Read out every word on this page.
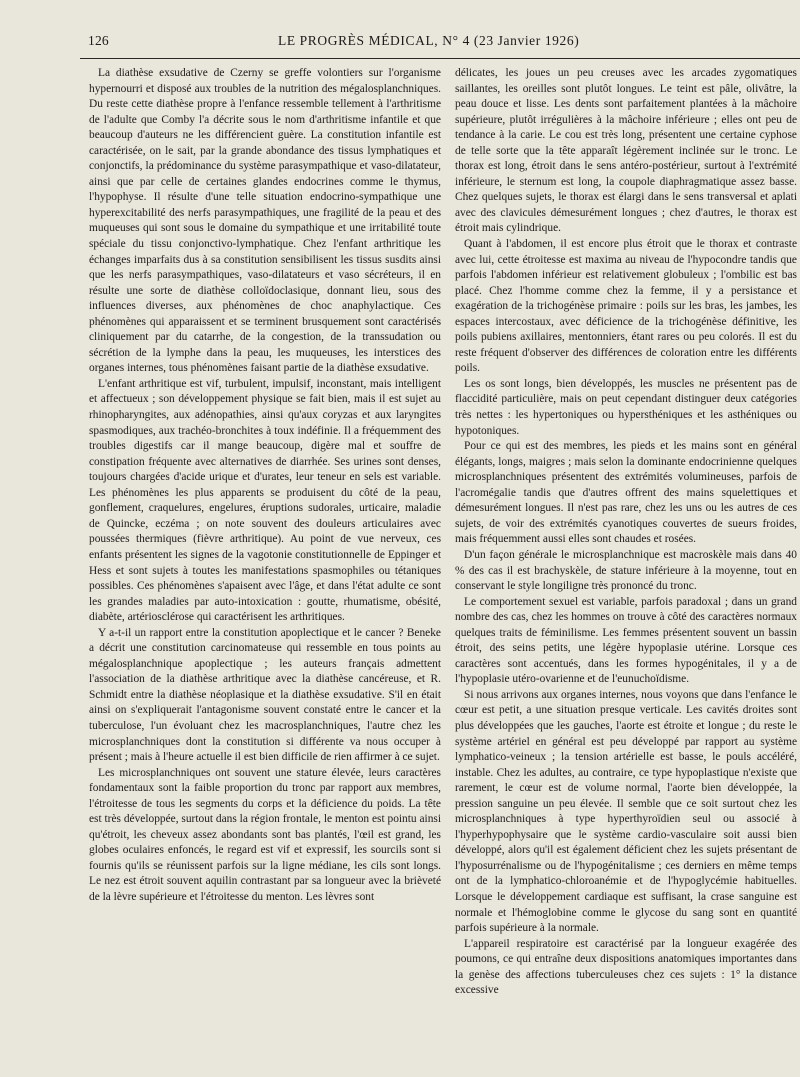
126	LE PROGRÈS MÉDICAL, N° 4 (23 Janvier 1926)

La diathèse exsudative de Czerny se greffe volontiers sur l'organisme hypernourri et disposé aux troubles de la nutrition des mégalosplanchniques. Du reste cette diathèse propre à l'enfance ressemble tellement à l'arthritisme de l'adulte que Comby l'a décrite sous le nom d'arthritisme infantile et que beaucoup d'auteurs ne les différencient guère. La constitution infantile est caractérisée, on le sait, par la grande abondance des tissus lymphatiques et conjonctifs, la prédominance du système parasympathique et vaso-dilatateur, ainsi que par celle de certaines glandes endocrines comme le thymus, l'hypophyse. Il résulte d'une telle situation endocrino-sympathique une hyperexcitabilité des nerfs parasympathiques, une fragilité de la peau et des muqueuses qui sont sous le domaine du sympathique et une irritabilité toute spéciale du tissu conjonctivo-lymphatique. Chez l'enfant arthritique les échanges imparfaits dus à sa constitution sensibilisent les tissus susdits ainsi que les nerfs parasympathiques, vaso-dilatateurs et vaso sécréteurs, il en résulte une sorte de diathèse colloïdoclasique, donnant lieu, sous des influences diverses, aux phénomènes de choc anaphylactique. Ces phénomènes qui apparaissent et se terminent brusquement sont caractérisés cliniquement par du catarrhe, de la congestion, de la transsudation ou sécrétion de la lymphe dans la peau, les muqueuses, les interstices des organes internes, tous phénomènes faisant partie de la diathèse exsudative.

L'enfant arthritique est vif, turbulent, impulsif, inconstant, mais intelligent et affectueux ; son développement physique se fait bien, mais il est sujet au rhinopharyngites, aux adénopathies, ainsi qu'aux coryzas et aux laryngites spasmodiques, aux trachéo-bronchites à toux indéfinie. Il a fréquemment des troubles digestifs car il mange beaucoup, digère mal et souffre de constipation fréquente avec alternatives de diarrhée. Ses urines sont denses, toujours chargées d'acide urique et d'urates, leur teneur en sels est variable. Les phénomènes les plus apparents se produisent du côté de la peau, gonflement, craquelures, engelures, éruptions sudorales, urticaire, maladie de Quincke, eczéma ; on note souvent des douleurs articulaires avec poussées thermiques (fièvre arthritique). Au point de vue nerveux, ces enfants présentent les signes de la vagotonie constitutionnelle de Eppinger et Hess et sont sujets à toutes les manifestations spasmophiles ou tétaniques possibles. Ces phénomènes s'apaisent avec l'âge, et dans l'état adulte ce sont les grandes maladies par auto-intoxication : goutte, rhumatisme, obésité, diabète, artériosclérose qui caractérisent les arthritiques.

Y a-t-il un rapport entre la constitution apoplectique et le cancer ? Beneke a décrit une constitution carcinomateuse qui ressemble en tous points au mégalosplanchnique apoplectique ; les auteurs français admettent l'association de la diathèse arthritique avec la diathèse cancéreuse, et R. Schmidt entre la diathèse néoplasique et la diathèse exsudative. S'il en était ainsi on s'expliquerait l'antagonisme souvent constaté entre le cancer et la tuberculose, l'un évoluant chez les macrosplanchniques, l'autre chez les microsplanchniques dont la constitution si différente va nous occuper à présent ; mais à l'heure actuelle il est bien difficile de rien affirmer à ce sujet.

Les microsplanchniques ont souvent une stature élevée, leurs caractères fondamentaux sont la faible proportion du tronc par rapport aux membres, l'étroitesse de tous les segments du corps et la déficience du poids. La tête est très développée, surtout dans la région frontale, le menton est pointu ainsi qu'étroit, les cheveux assez abondants sont bas plantés, l'œil est grand, les globes oculaires enfoncés, le regard est vif et expressif, les sourcils sont si fournis qu'ils se réunissent parfois sur la ligne médiane, les cils sont longs. Le nez est étroit souvent aquilin contrastant par sa longueur avec la brièveté de la lèvre supérieure et l'étroitesse du menton. Les lèvres sont

délicates, les joues un peu creuses avec les arcades zygomatiques saillantes, les oreilles sont plutôt longues. Le teint est pâle, olivâtre, la peau douce et lisse. Les dents sont parfaitement plantées à la mâchoire supérieure, plutôt irrégulières à la mâchoire inférieure ; elles ont peu de tendance à la carie. Le cou est très long, présentent une certaine cyphose de telle sorte que la tête apparaît légèrement inclinée sur le tronc. Le thorax est long, étroit dans le sens antéro-postérieur, surtout à l'extrémité inférieure, le sternum est long, la coupole diaphragmatique assez basse. Chez quelques sujets, le thorax est élargi dans le sens transversal et aplati avec des clavicules démesurément longues ; chez d'autres, le thorax est étroit mais cylindrique.

Quant à l'abdomen, il est encore plus étroit que le thorax et contraste avec lui, cette étroitesse est maxima au niveau de l'hypocondre tandis que parfois l'abdomen inférieur est relativement globuleux ; l'ombilic est bas placé. Chez l'homme comme chez la femme, il y a persistance et exagération de la trichogénèse primaire : poils sur les bras, les jambes, les espaces intercostaux, avec déficience de la trichogénèse définitive, les poils pubiens axillaires, mentonniers, étant rares ou peu colorés. Il est du reste fréquent d'observer des différences de coloration entre les différents poils.

Les os sont longs, bien développés, les muscles ne présentent pas de flaccidité particulière, mais on peut cependant distinguer deux catégories très nettes : les hypertoniques ou hypersthéniques et les asthéniques ou hypotoniques.

Pour ce qui est des membres, les pieds et les mains sont en général élégants, longs, maigres ; mais selon la dominante endocrinienne quelques microsplanchniques présentent des extrémités volumineuses, parfois de l'acromégalie tandis que d'autres offrent des mains squelettiques et démesurément longues. Il n'est pas rare, chez les uns ou les autres de ces sujets, de voir des extrémités cyanotiques couvertes de sueurs froides, mais fréquemment aussi elles sont chaudes et rosées.

D'un façon générale le microsplanchnique est macroskèle mais dans 40 % des cas il est brachyskèle, de stature inférieure à la moyenne, tout en conservant le style longiligne très prononcé du tronc.

Le comportement sexuel est variable, parfois paradoxal ; dans un grand nombre des cas, chez les hommes on trouve à côté des caractères normaux quelques traits de féminilisme. Les femmes présentent souvent un bassin étroit, des seins petits, une légère hypoplasie utérine. Lorsque ces caractères sont accentués, dans les formes hypogénitales, il y a de l'hypoplasie utéro-ovarienne et de l'eunuchoïdisme.

Si nous arrivons aux organes internes, nous voyons que dans l'enfance le cœur est petit, a une situation presque verticale. Les cavités droites sont plus développées que les gauches, l'aorte est étroite et longue ; du reste le système artériel en général est peu développé par rapport au système lymphatico-veineux ; la tension artérielle est basse, le pouls accéléré, instable. Chez les adultes, au contraire, ce type hypoplastique n'existe que rarement, le cœur est de volume normal, l'aorte bien développée, la pression sanguine un peu élevée. Il semble que ce soit surtout chez les microsplanchniques à type hyperthyroïdien seul ou associé à l'hyperhypophysaire que le système cardio-vasculaire soit aussi bien développé, alors qu'il est également déficient chez les sujets présentant de l'hyposurrénalisme ou de l'hypogénitalisme ; ces derniers en même temps ont de la lymphatico-chloroanémie et de l'hypoglycémie habituelles. Lorsque le développement cardiaque est suffisant, la crase sanguine est normale et l'hémoglobine comme le glycose du sang sont en quantité parfois supérieure à la normale.

L'appareil respiratoire est caractérisé par la longueur exagérée des poumons, ce qui entraîne deux dispositions anatomiques importantes dans la genèse des affections tuberculeuses chez ces sujets : 1° la distance excessive
